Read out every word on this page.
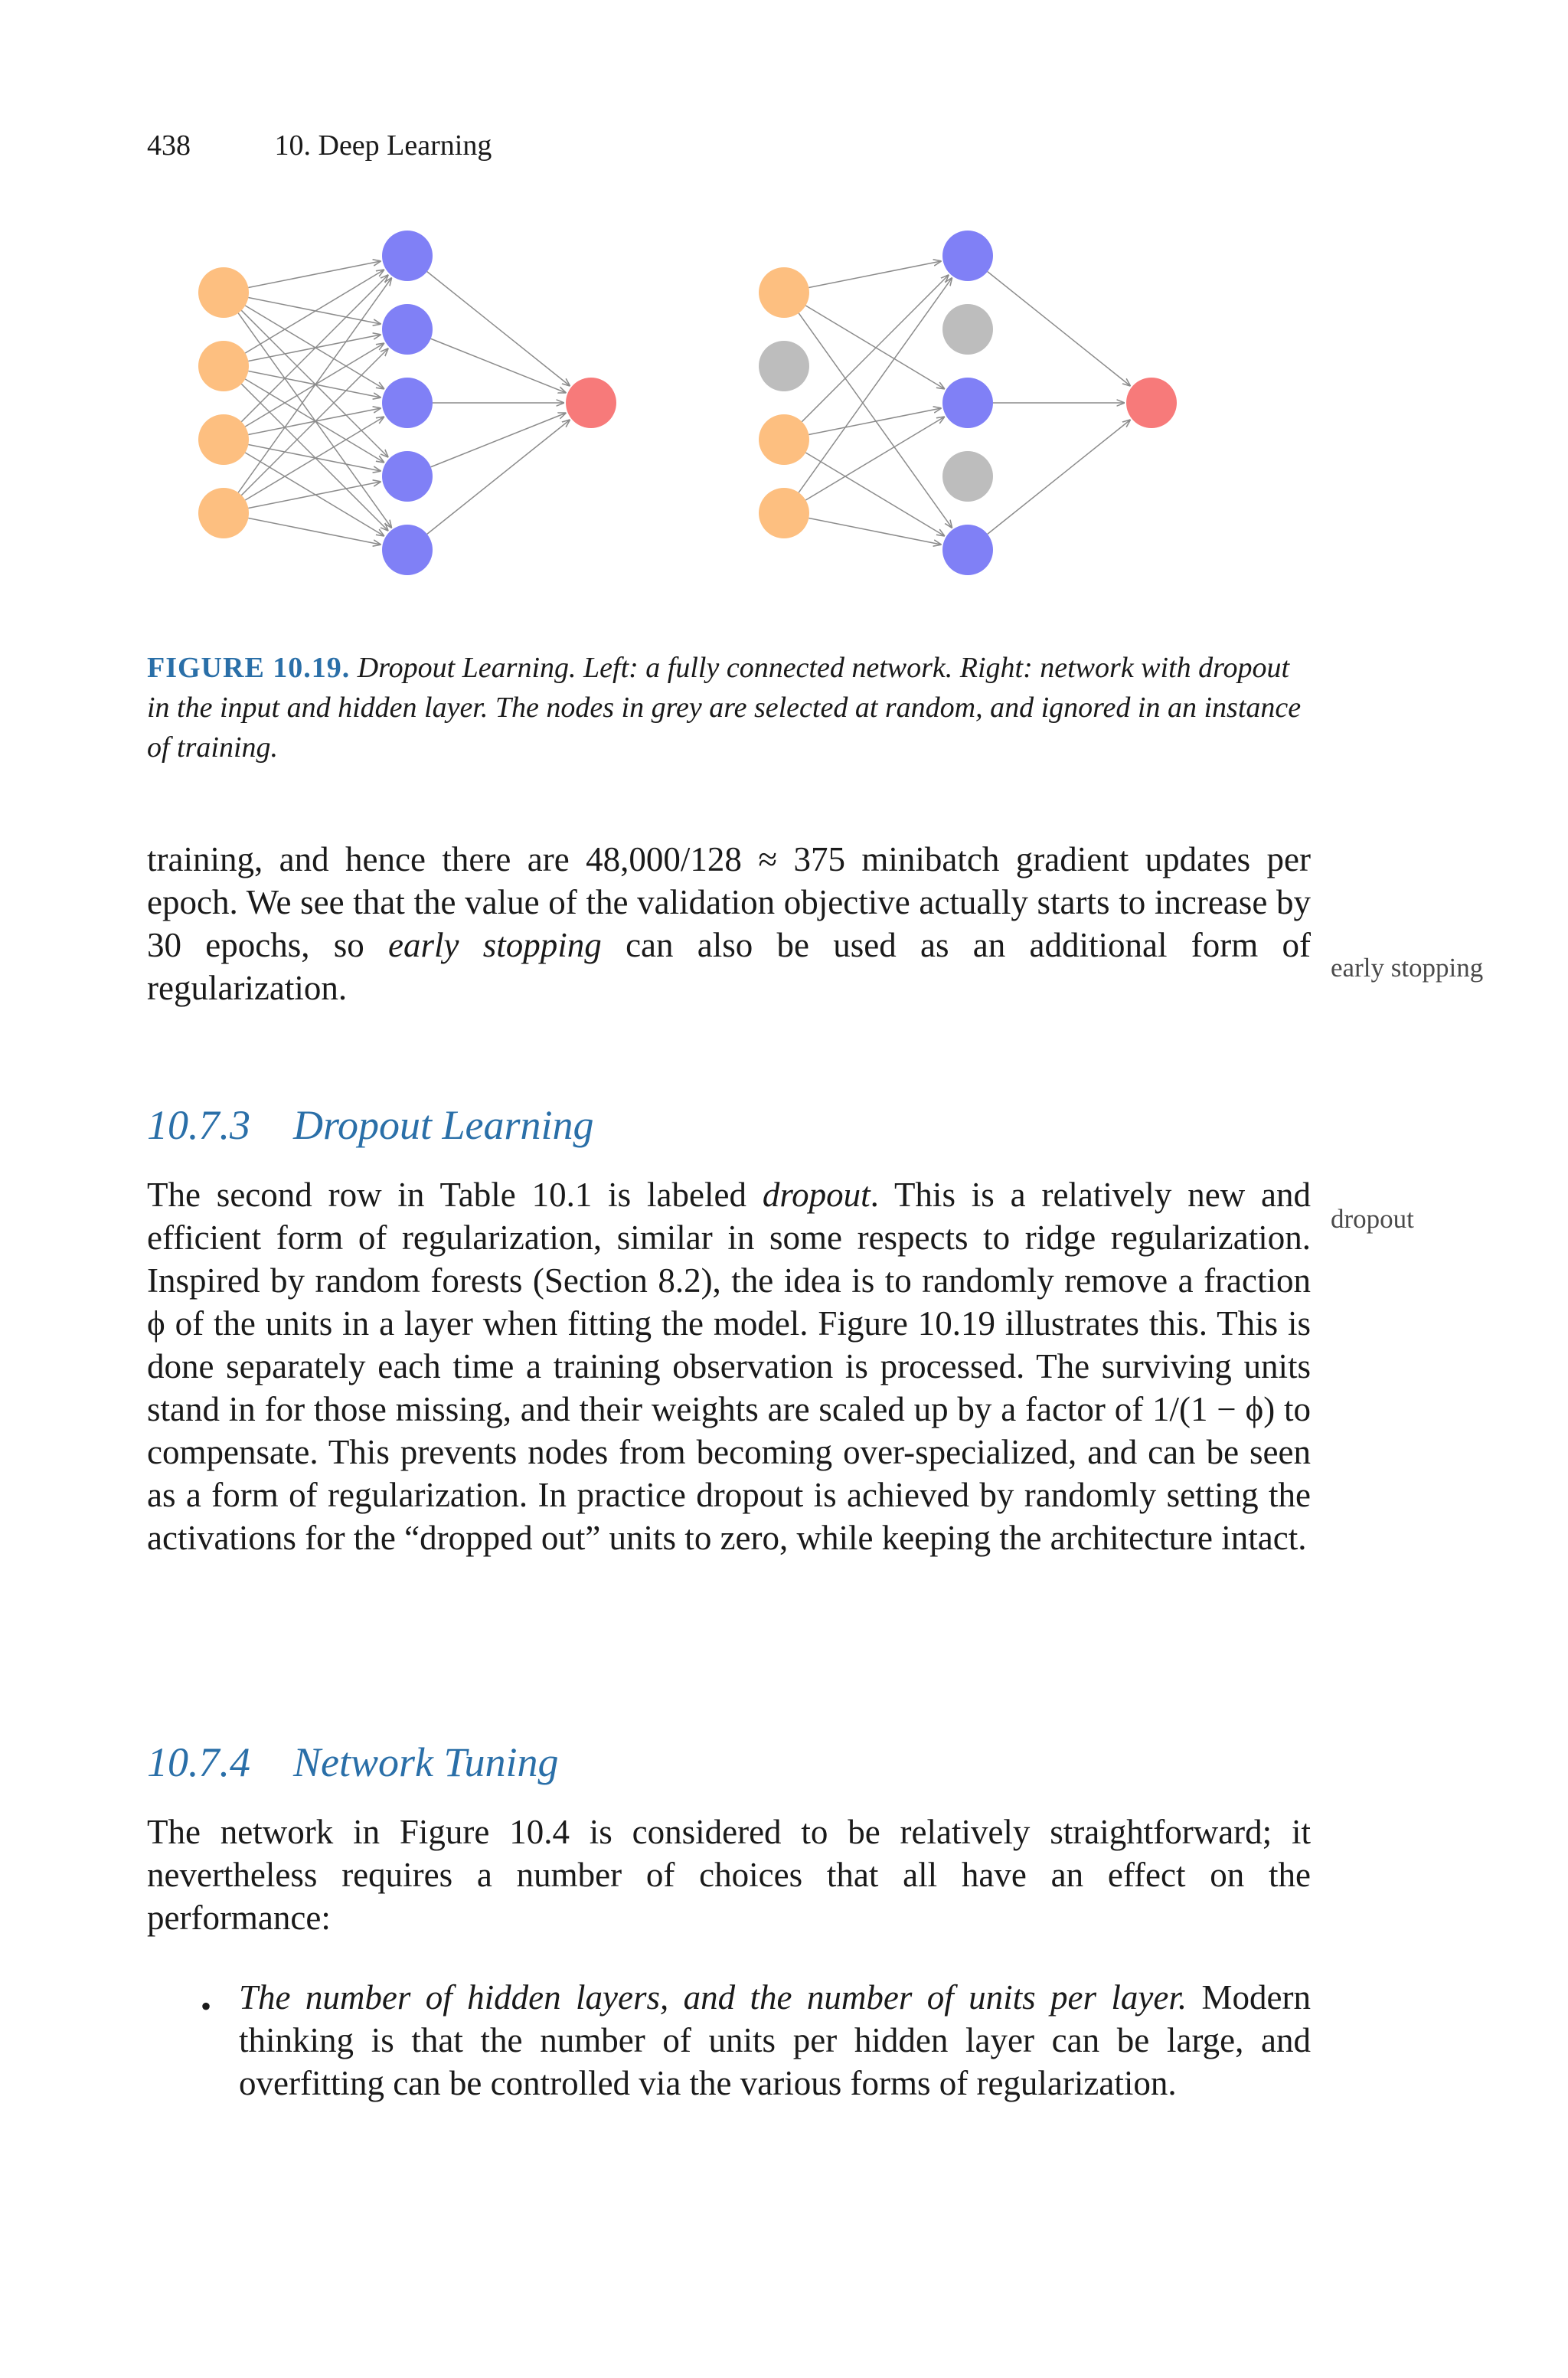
438	10. Deep Learning
FIGURE 10.19. Dropout Learning. Left: a fully connected network. Right: network with dropout in the input and hidden layer. The nodes in grey are selected at random, and ignored in an instance of training.

training, and hence there are 48,000/128 ≈ 375 minibatch gradient updates per epoch. We see that the value of the validation objective actually starts to increase by 30 epochs, so early stopping can also be used as an additional form of regularization.

early stopping
10.7.3 Dropout Learning

The second row in Table 10.1 is labeled dropout. This is a relatively new and efficient form of regularization, similar in some respects to ridge regularization. Inspired by random forests (Section 8.2), the idea is to randomly remove a fraction ϕ of the units in a layer when fitting the model. Figure 10.19 illustrates this. This is done separately each time a training observation is processed. The surviving units stand in for those missing, and their weights are scaled up by a factor of 1/(1 − ϕ) to compensate. This prevents nodes from becoming over-specialized, and can be seen as a form of regularization. In practice dropout is achieved by randomly setting the activations for the “dropped out” units to zero, while keeping the architecture intact.

dropout
10.7.4 Network Tuning

The network in Figure 10.4 is considered to be relatively straightforward; it nevertheless requires a number of choices that all have an effect on the performance:

• The number of hidden layers, and the number of units per layer. Modern thinking is that the number of units per hidden layer can be large, and overfitting can be controlled via the various forms of regularization.
